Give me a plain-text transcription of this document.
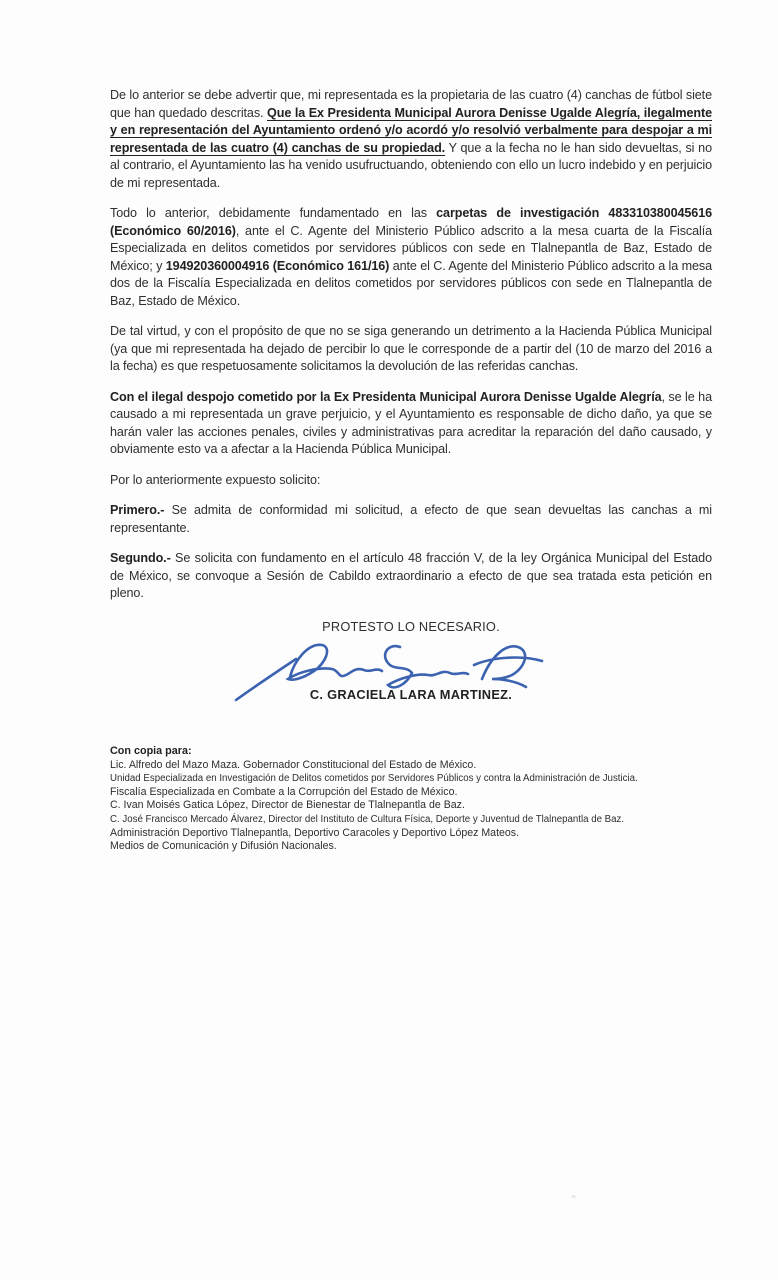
De lo anterior se debe advertir que, mi representada es la propietaria de las cuatro (4) canchas de fútbol siete que han quedado descritas. Que la Ex Presidenta Municipal Aurora Denisse Ugalde Alegría, ilegalmente y en representación del Ayuntamiento ordenó y/o acordó y/o resolvió verbalmente para despojar a mi representada de las cuatro (4) canchas de su propiedad. Y que a la fecha no le han sido devueltas, si no al contrario, el Ayuntamiento las ha venido usufructuando, obteniendo con ello un lucro indebido y en perjuicio de mi representada.

Todo lo anterior, debidamente fundamentado en las carpetas de investigación 483310380045616 (Económico 60/2016), ante el C. Agente del Ministerio Público adscrito a la mesa cuarta de la Fiscalía Especializada en delitos cometidos por servidores públicos con sede en Tlalnepantla de Baz, Estado de México; y 194920360004916 (Económico 161/16) ante el C. Agente del Ministerio Público adscrito a la mesa dos de la Fiscalía Especializada en delitos cometidos por servidores públicos con sede en Tlalnepantla de Baz, Estado de México.

De tal virtud, y con el propósito de que no se siga generando un detrimento a la Hacienda Pública Municipal (ya que mi representada ha dejado de percibir lo que le corresponde de a partir del (10 de marzo del 2016 a la fecha) es que respetuosamente solicitamos la devolución de las referidas canchas.

Con el ilegal despojo cometido por la Ex Presidenta Municipal Aurora Denisse Ugalde Alegría, se le ha causado a mi representada un grave perjuicio, y el Ayuntamiento es responsable de dicho daño, ya que se harán valer las acciones penales, civiles y administrativas para acreditar la reparación del daño causado, y obviamente esto va a afectar a la Hacienda Pública Municipal.

Por lo anteriormente expuesto solicito:

Primero.- Se admita de conformidad mi solicitud, a efecto de que sean devueltas las canchas a mi representante.

Segundo.- Se solicita con fundamento en el artículo 48 fracción V, de la ley Orgánica Municipal del Estado de México, se convoque a Sesión de Cabildo extraordinario a efecto de que sea tratada esta petición en pleno.

PROTESTO LO NECESARIO.

C. GRACIELA LARA MARTINEZ.
Con copia para:
Lic. Alfredo del Mazo Maza. Gobernador Constitucional del Estado de México.
Unidad Especializada en Investigación de Delitos cometidos por Servidores Públicos y contra la Administración de Justicia.
Fiscalía Especializada en Combate a la Corrupción del Estado de México.
C. Ivan Moisés Gatica López, Director de Bienestar de Tlalnepantla de Baz.
C. José Francisco Mercado Álvarez, Director del Instituto de Cultura Física, Deporte y Juventud de Tlalnepantla de Baz.
Administración Deportivo Tlalnepantla, Deportivo Caracoles y Deportivo López Mateos.
Medios de Comunicación y Difusión Nacionales.
